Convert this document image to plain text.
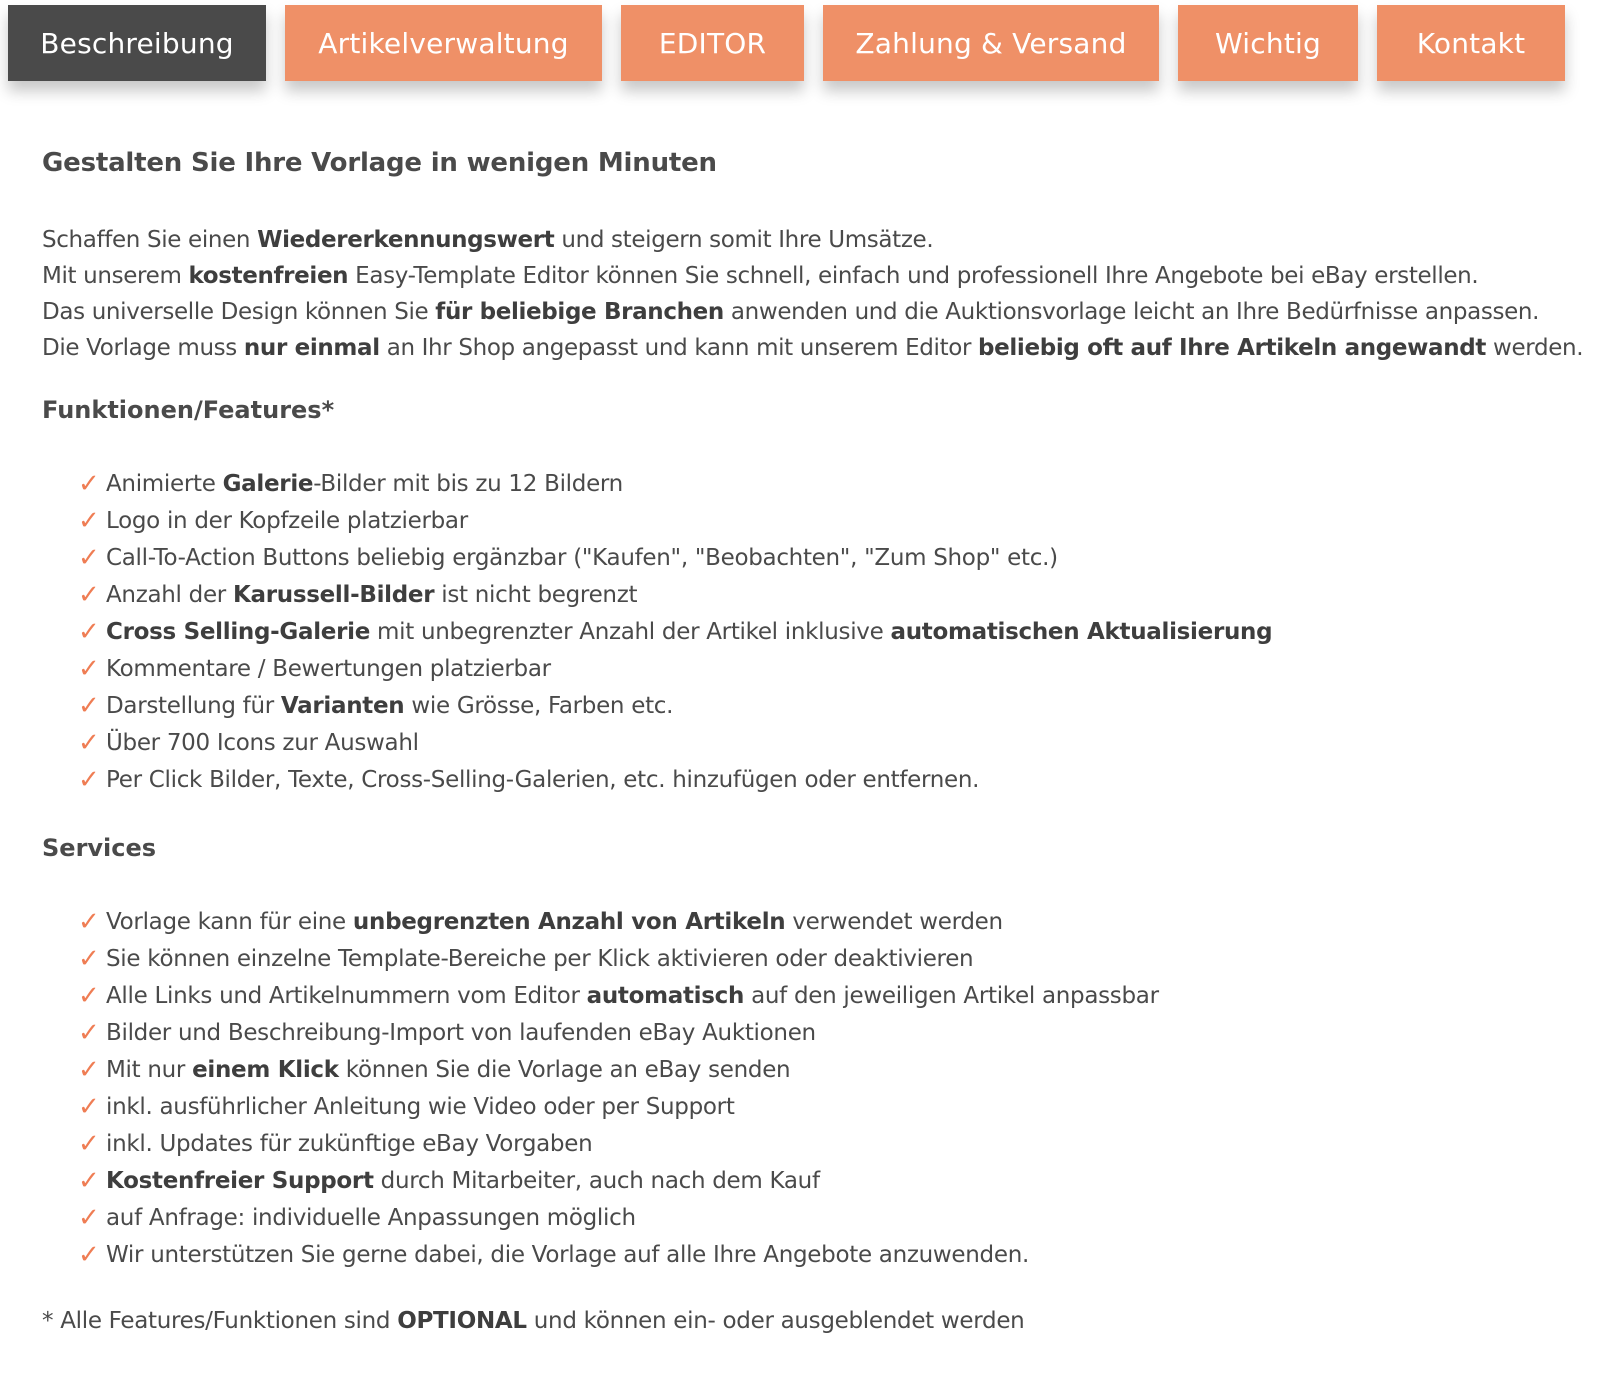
Beschreibung	Artikelverwaltung	EDITOR	Zahlung & Versand	Wichtig	Kontakt
Gestalten Sie Ihre Vorlage in wenigen Minuten

Schaffen Sie einen Wiedererkennungswert und steigern somit Ihre Umsätze.

Mit unserem kostenfreien Easy-Template Editor können Sie schnell, einfach und professionell Ihre Angebote bei eBay erstellen.

Das universelle Design können Sie für beliebige Branchen anwenden und die Auktionsvorlage leicht an Ihre Bedürfnisse anpassen.

Die Vorlage muss nur einmal an Ihr Shop angepasst und kann mit unserem Editor beliebig oft auf Ihre Artikeln angewandt werden.

Funktionen/Features*
✓ Animierte Galerie-Bilder mit bis zu 12 Bildern
✓ Logo in der Kopfzeile platzierbar
✓ Call-To-Action Buttons beliebig ergänzbar ("Kaufen", "Beobachten", "Zum Shop" etc.)
✓ Anzahl der Karussell-Bilder ist nicht begrenzt
✓ Cross Selling-Galerie mit unbegrenzter Anzahl der Artikel inklusive automatischen Aktualisierung
✓ Kommentare / Bewertungen platzierbar
✓ Darstellung für Varianten wie Grösse, Farben etc.
✓ Über 700 Icons zur Auswahl
✓ Per Click Bilder, Texte, Cross-Selling-Galerien, etc. hinzufügen oder entfernen.
Services
✓ Vorlage kann für eine unbegrenzten Anzahl von Artikeln verwendet werden
✓ Sie können einzelne Template-Bereiche per Klick aktivieren oder deaktivieren
✓ Alle Links und Artikelnummern vom Editor automatisch auf den jeweiligen Artikel anpassbar
✓ Bilder und Beschreibung-Import von laufenden eBay Auktionen
✓ Mit nur einem Klick können Sie die Vorlage an eBay senden
✓ inkl. ausführlicher Anleitung wie Video oder per Support
✓ inkl. Updates für zukünftige eBay Vorgaben
✓ Kostenfreier Support durch Mitarbeiter, auch nach dem Kauf
✓ auf Anfrage: individuelle Anpassungen möglich
✓ Wir unterstützen Sie gerne dabei, die Vorlage auf alle Ihre Angebote anzuwenden.
* Alle Features/Funktionen sind OPTIONAL und können ein- oder ausgeblendet werden
